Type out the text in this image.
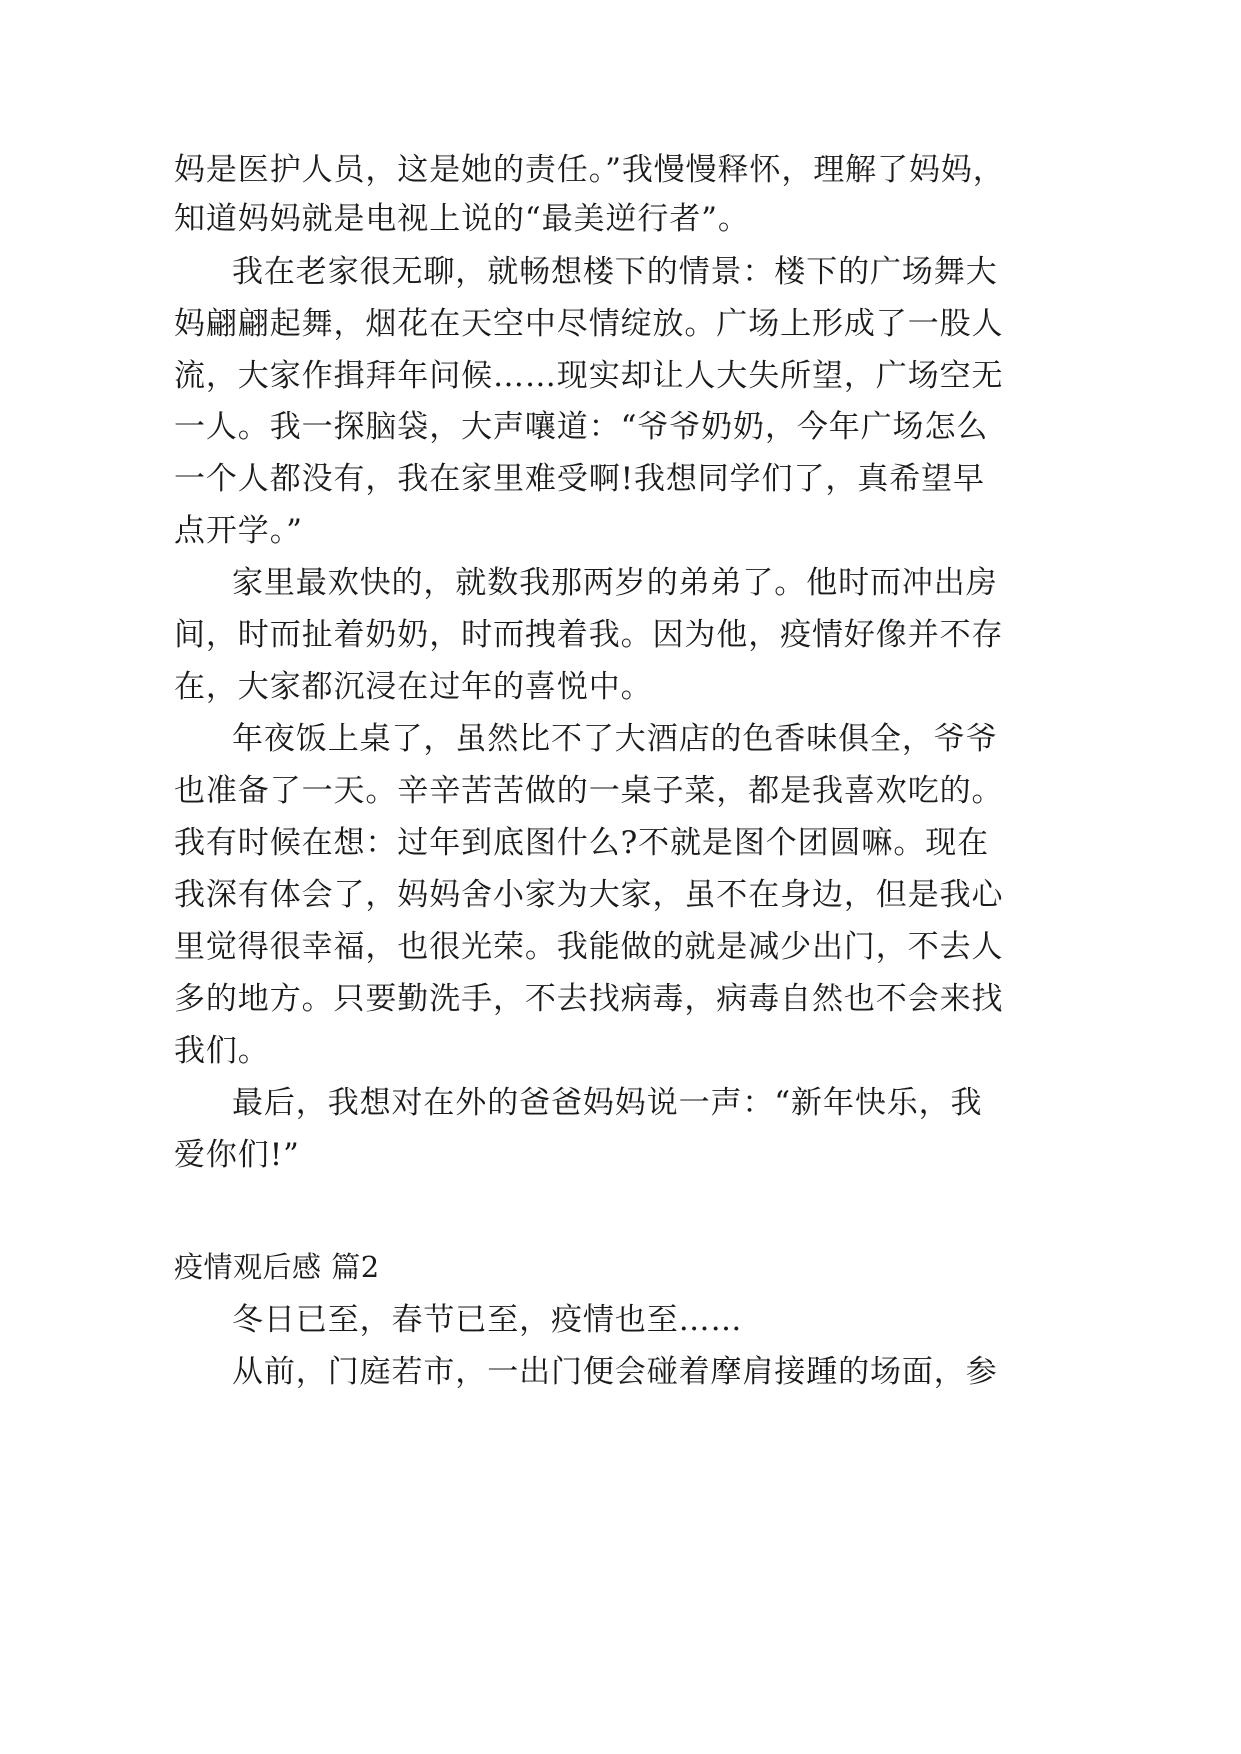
妈是医护人员，这是她的责任。”我慢慢释怀，理解了妈妈，

知道妈妈就是电视上说的“最美逆行者”。

我在老家很无聊，就畅想楼下的情景：楼下的广场舞大

妈翩翩起舞，烟花在天空中尽情绽放。广场上形成了一股人

流，大家作揖拜年问候……现实却让人大失所望，广场空无

一人。我一探脑袋，大声嚷道：“爷爷奶奶，今年广场怎么

一个人都没有，我在家里难受啊!我想同学们了，真希望早

点开学。”

家里最欢快的，就数我那两岁的弟弟了。他时而冲出房

间，时而扯着奶奶，时而拽着我。因为他，疫情好像并不存

在，大家都沉浸在过年的喜悦中。

年夜饭上桌了，虽然比不了大酒店的色香味俱全，爷爷

也准备了一天。辛辛苦苦做的一桌子菜，都是我喜欢吃的。

我有时候在想：过年到底图什么?不就是图个团圆嘛。现在

我深有体会了，妈妈舍小家为大家，虽不在身边，但是我心

里觉得很幸福，也很光荣。我能做的就是减少出门，不去人

多的地方。只要勤洗手，不去找病毒，病毒自然也不会来找

我们。

最后，我想对在外的爸爸妈妈说一声：“新年快乐，我

爱你们!”

疫情观后感 篇2

冬日已至，春节已至，疫情也至……

从前，门庭若市，一出门便会碰着摩肩接踵的场面，参
